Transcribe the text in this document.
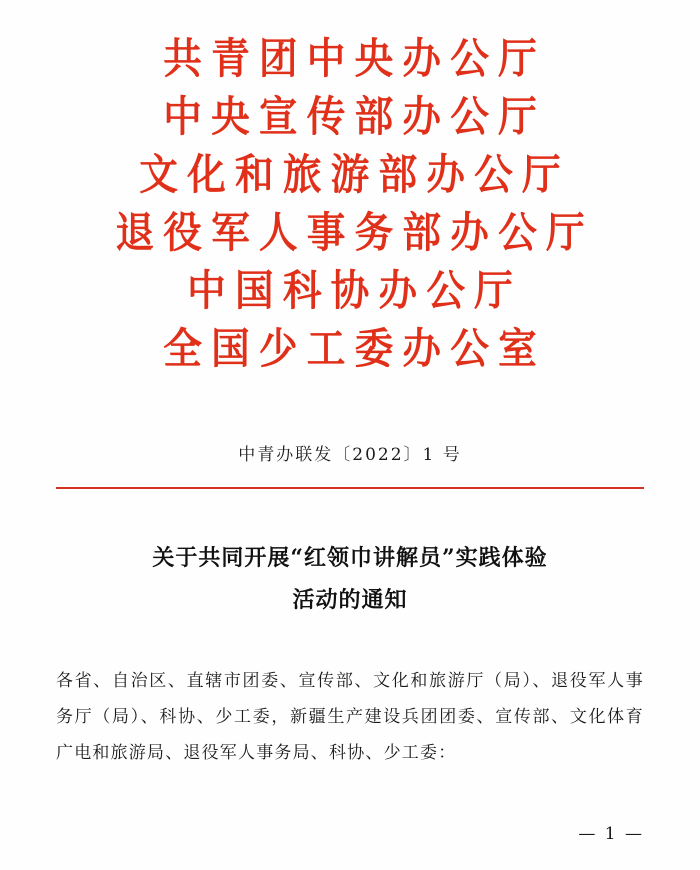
共青团中央办公厅
中央宣传部办公厅
文化和旅游部办公厅
退役军人事务部办公厅
中国科协办公厅
全国少工委办公室
中青办联发〔2022〕1 号
关于共同开展“红领巾讲解员”实践体验
活动的通知

各省、自治区、直辖市团委、宣传部、文化和旅游厅（局）、退役军人事务厅（局）、科协、少工委，新疆生产建设兵团团委、宣传部、文化体育广电和旅游局、退役军人事务局、科协、少工委：

— 1 —
